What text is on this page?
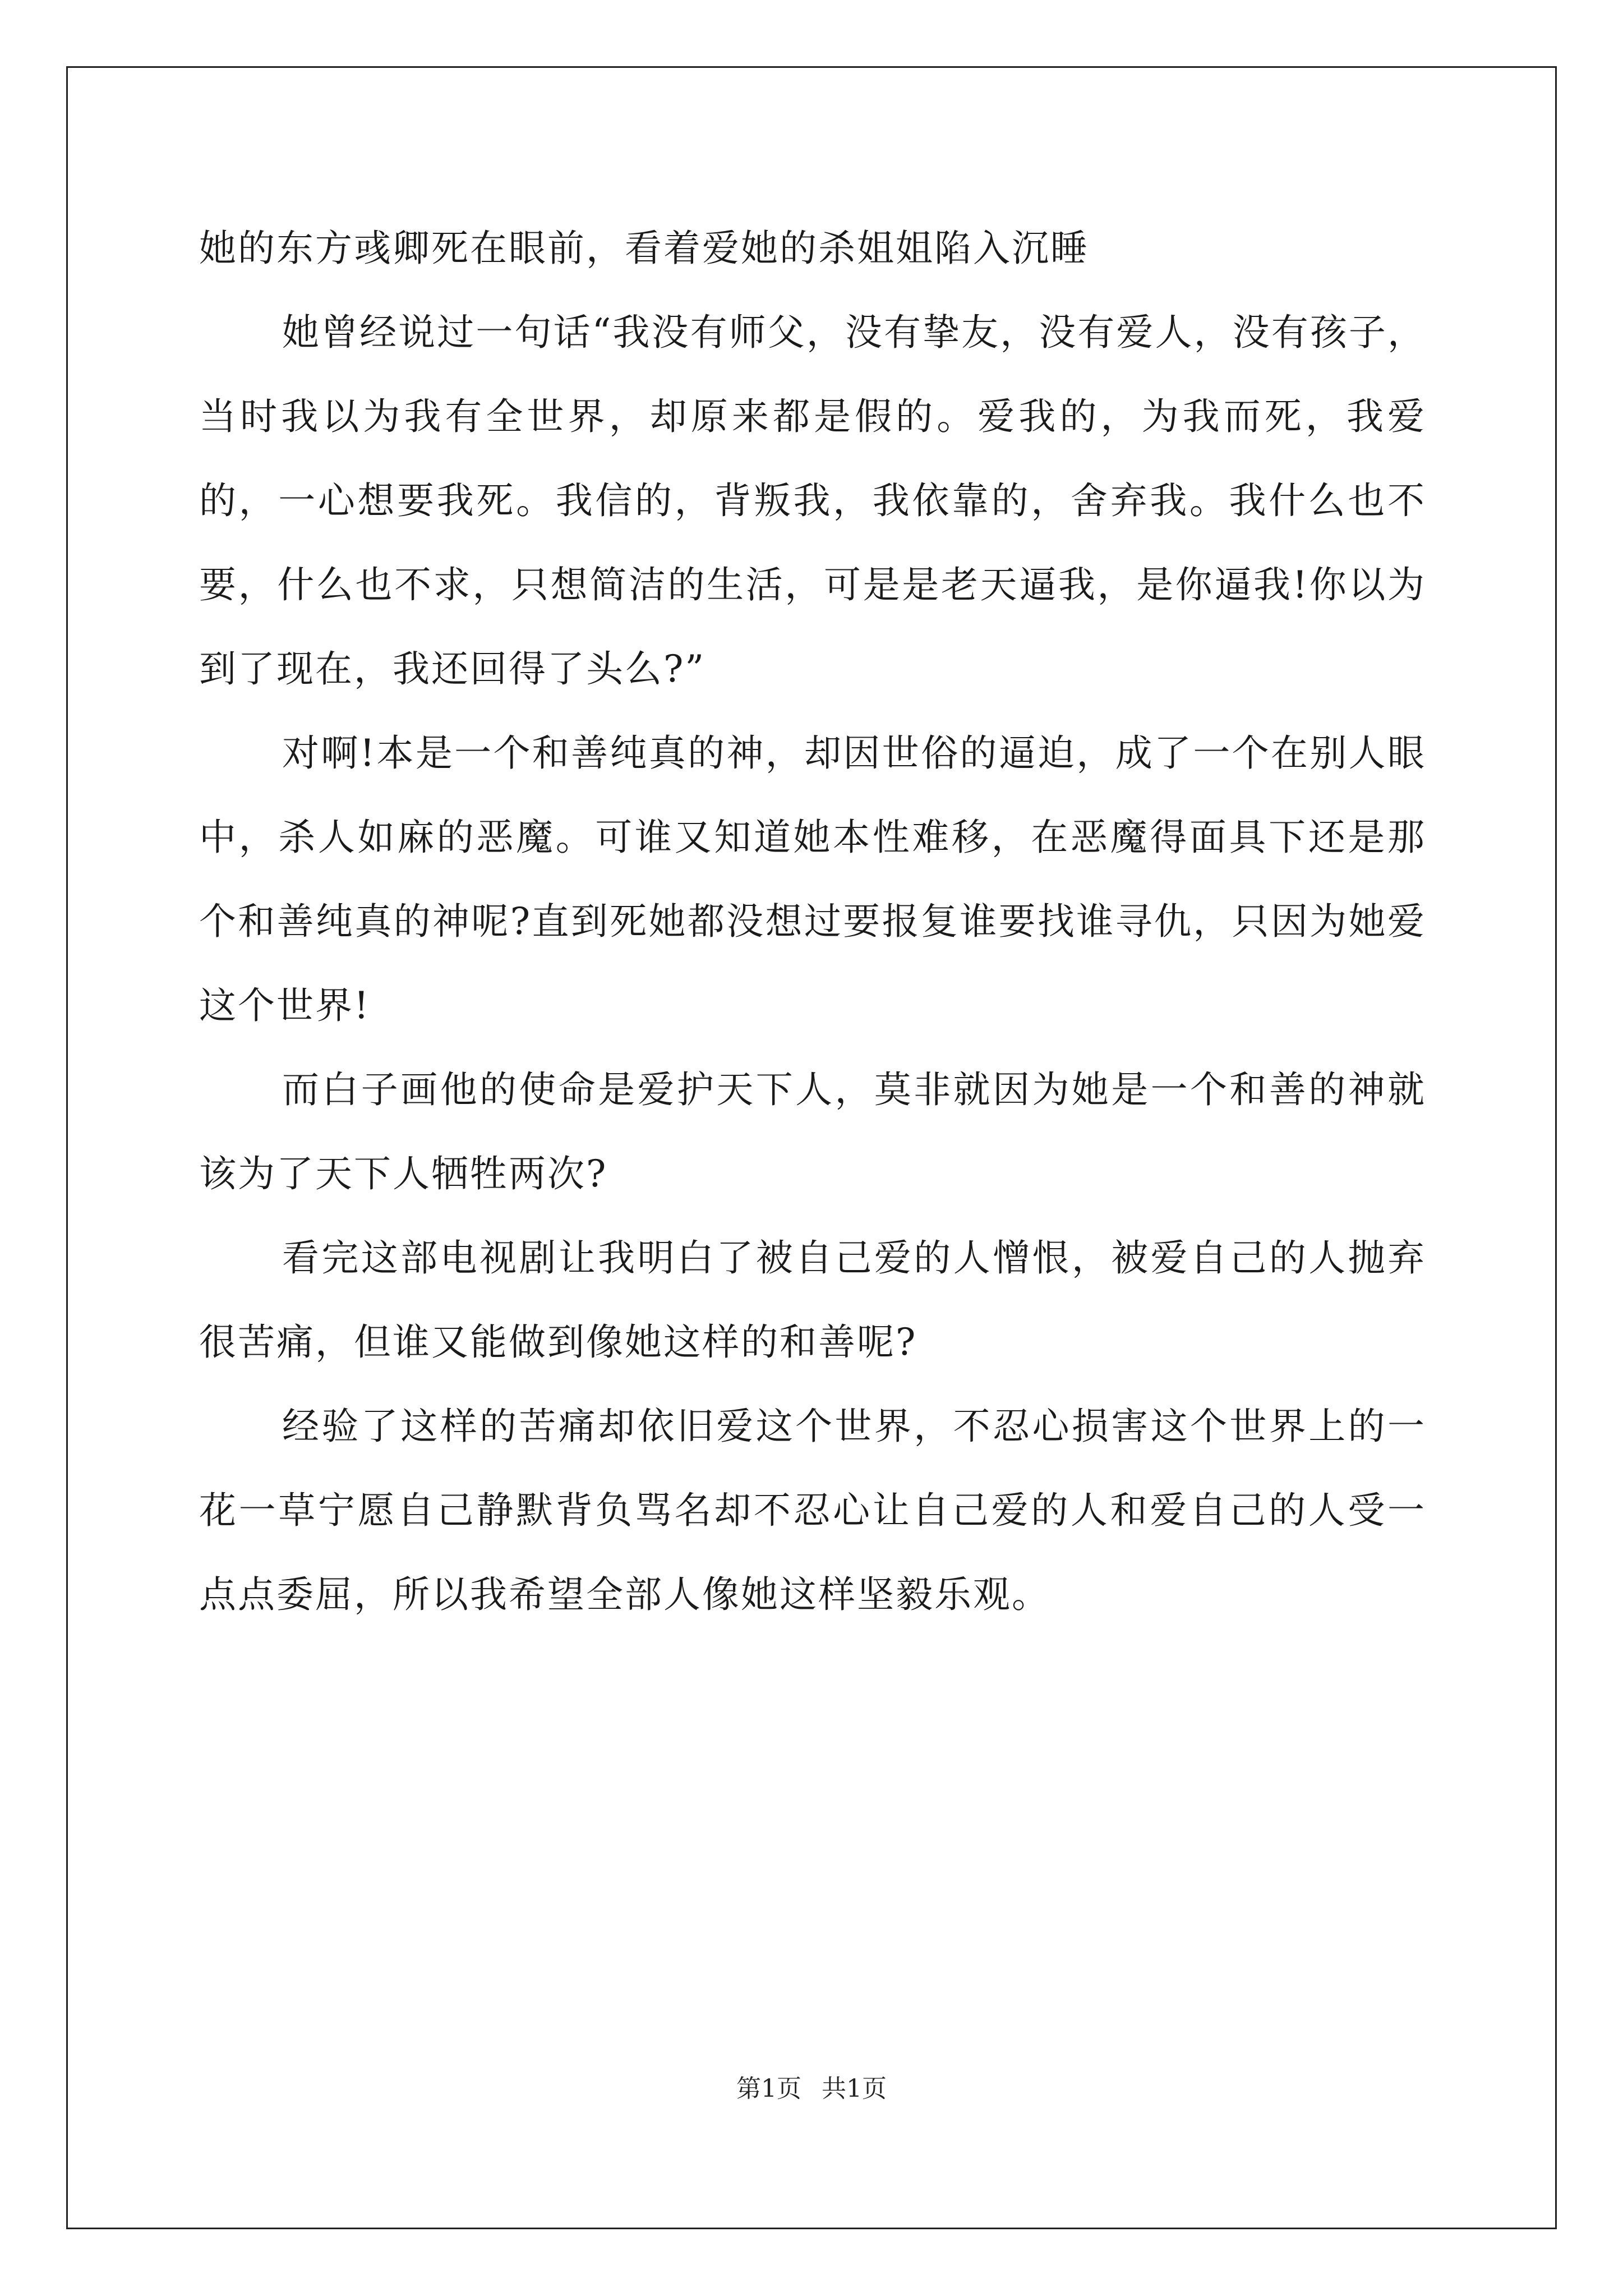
她的东方彧卿死在眼前，看着爱她的杀姐姐陷入沉睡

她曾经说过一句话“我没有师父，没有挚友，没有爱人，没有孩子，当时我以为我有全世界，却原来都是假的。爱我的，为我而死，我爱的，一心想要我死。我信的，背叛我，我依靠的，舍弃我。我什么也不要，什么也不求，只想简洁的生活，可是是老天逼我，是你逼我!你以为到了现在，我还回得了头么?”

对啊!本是一个和善纯真的神，却因世俗的逼迫，成了一个在别人眼中，杀人如麻的恶魔。可谁又知道她本性难移，在恶魔得面具下还是那个和善纯真的神呢?直到死她都没想过要报复谁要找谁寻仇，只因为她爱这个世界!

而白子画他的使命是爱护天下人，莫非就因为她是一个和善的神就该为了天下人牺牲两次?

看完这部电视剧让我明白了被自己爱的人憎恨，被爱自己的人抛弃很苦痛，但谁又能做到像她这样的和善呢?

经验了这样的苦痛却依旧爱这个世界，不忍心损害这个世界上的一花一草宁愿自己静默背负骂名却不忍心让自己爱的人和爱自己的人受一点点委屈，所以我希望全部人像她这样坚毅乐观。

第1页 共1页
